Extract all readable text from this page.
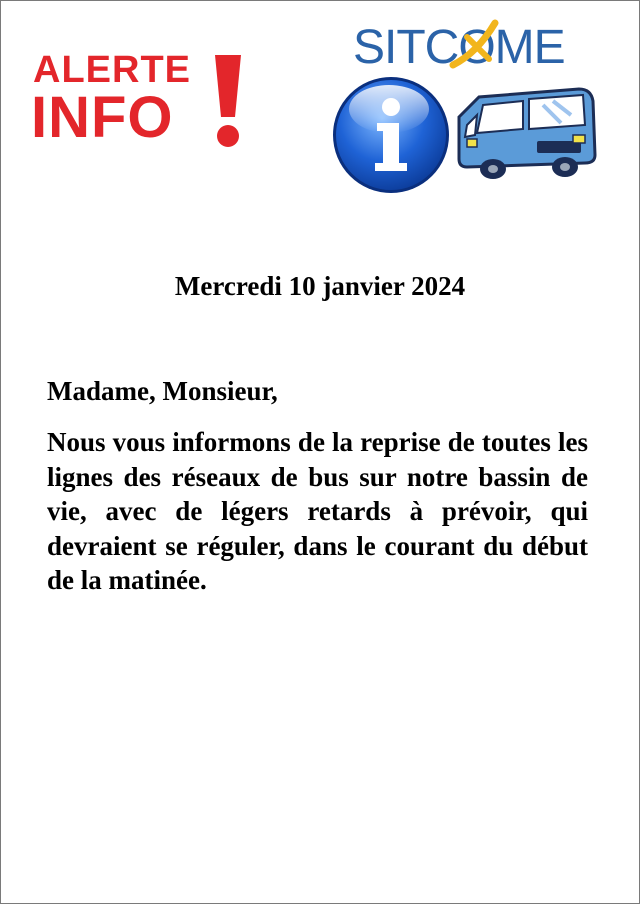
ALERTE
INFO
SITCOME
Mercredi 10 janvier 2024
Madame, Monsieur,

Nous vous informons de la reprise de toutes les lignes des réseaux de bus sur notre bassin de vie, avec de légers retards à prévoir, qui devraient se réguler, dans le courant du début de la matinée.
